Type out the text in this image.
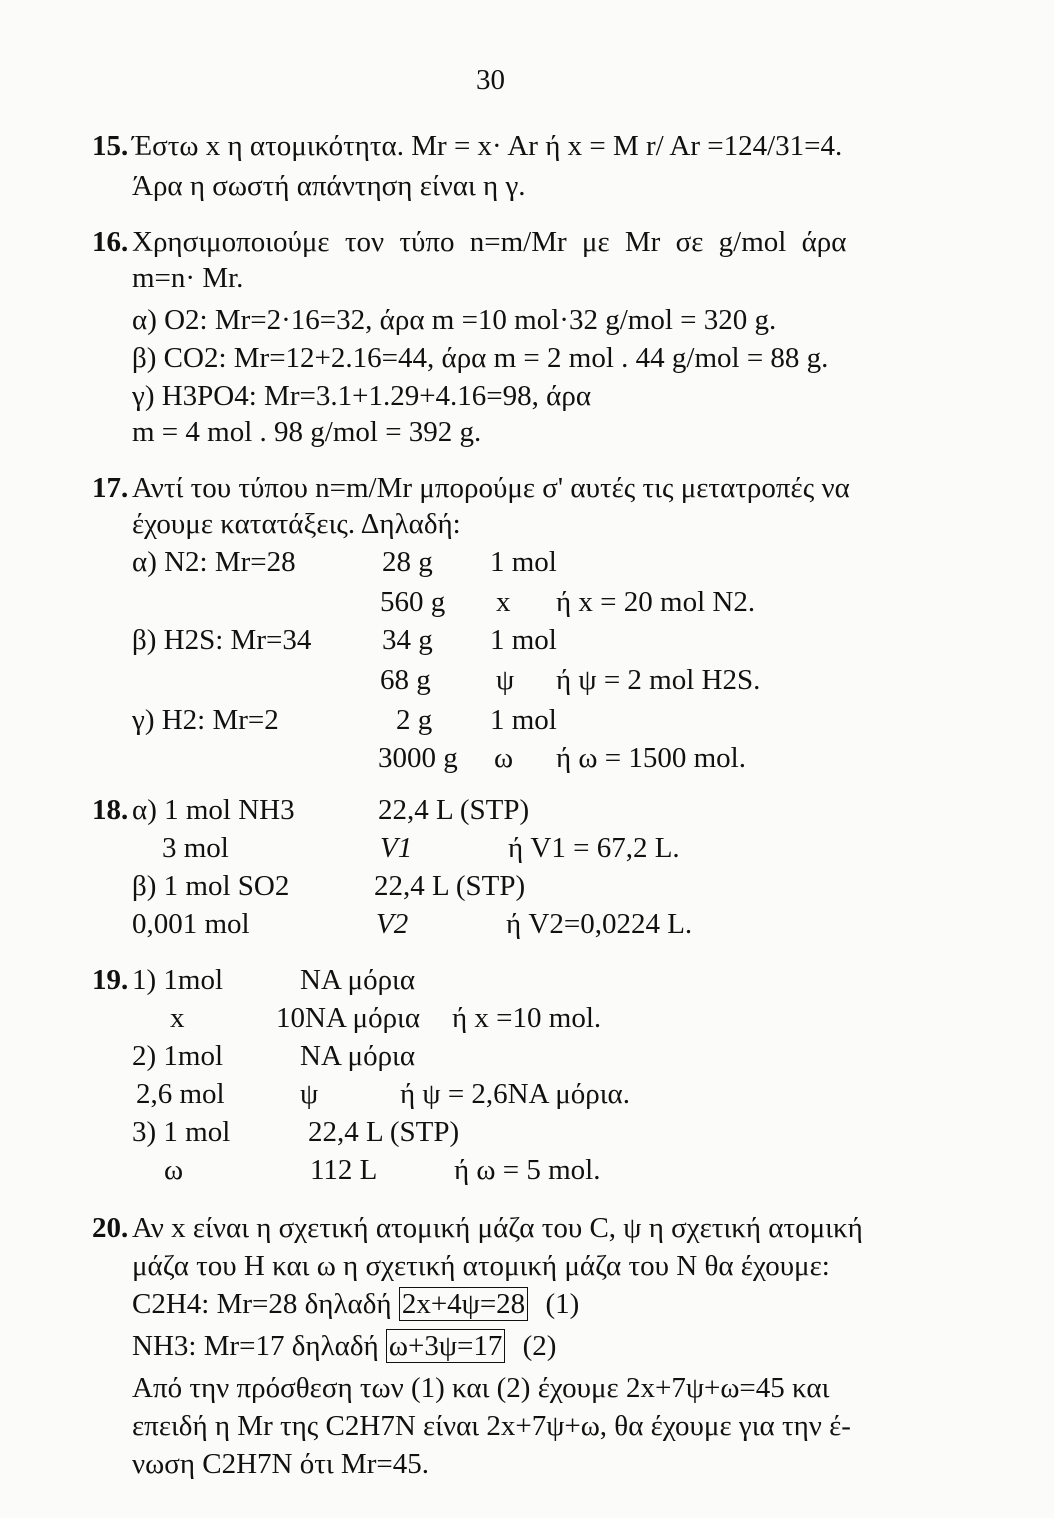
30
15. Έστω x η ατομικότητα. Mr = x· Ar ή x = M r/ Ar =124/31=4.
Άρα η σωστή απάντηση είναι η γ.
16. Χρησιμοποιούμε τον τύπο n=m/Mr με Mr σε g/mol άρα
m=n· Mr.
α) O2: Mr=2·16=32, άρα m =10 mol·32 g/mol = 320 g.
β) CO2: Mr=12+2.16=44, άρα m = 2 mol . 44 g/mol = 88 g.
γ) H3PO4: Mr=3.1+1.29+4.16=98, άρα
m = 4 mol . 98 g/mol = 392 g.
17. Αντί του τύπου n=m/Mr μπορούμε σ' αυτές τις μετατροπές να
έχουμε κατατάξεις. Δηλαδή:
α) N2: Mr=28	28 g 1 mol
560 g x ή x = 20 mol N2.
β) H2S: Mr=34 34 g 1 mol
68 g ψ ή ψ = 2 mol H2S.
γ) H2: Mr=2	2 g 1 mol
3000 g ω ή ω = 1500 mol.
18. α) 1 mol NH3	22,4 L (STP)
3 mol	V1	ή V1 = 67,2 L.
β) 1 mol SO2	22,4 L (STP)
0,001 mol	V2	ή V2=0,0224 L.
19. 1) 1mol	NA μόρια
x	10NA μόρια ή x =10 mol.
2) 1mol	NA μόρια
2,6 mol	ψ	ή ψ = 2,6NA μόρια.
3) 1 mol	22,4 L (STP)
ω	112 L	ή ω = 5 mol.
20. Αν x είναι η σχετική ατομική μάζα του C, ψ η σχετική ατομική
μάζα του H και ω η σχετική ατομική μάζα του N θα έχουμε:
C2H4: Mr=28 δηλαδή 2x+4ψ=28 (1)
NH3: Mr=17 δηλαδή ω+3ψ=17 (2)
Από την πρόσθεση των (1) και (2) έχουμε 2x+7ψ+ω=45 και
επειδή η Mr της C2H7N είναι 2x+7ψ+ω, θα έχουμε για την έ-
νωση C2H7N ότι Mr=45.
